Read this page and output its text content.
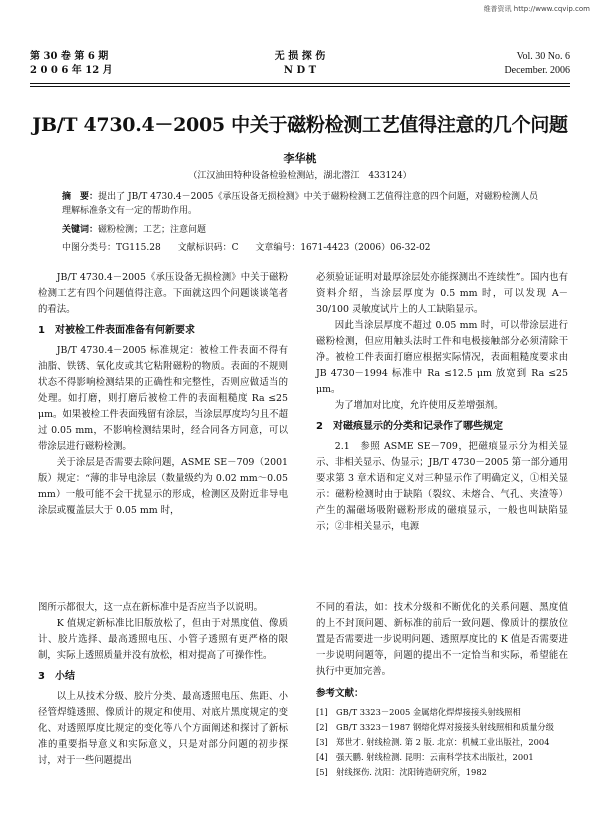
维普资讯 http://www.cqvip.com
第 30 卷 第 6 期
2 0 0 6 年 12 月
无 损 探 伤
N D T
Vol. 30 No. 6
December. 2006
JB/T 4730.4－2005 中关于磁粉检测工艺值得注意的几个问题
李华桃
（江汉油田特种设备检验检测站，湖北潜江　433124）
摘　要：提出了 JB/T 4730.4－2005《承压设备无损检测》中关于磁粉检测工艺值得注意的四个问题，对磁粉检测人员理解标准条文有一定的帮助作用。
关键词：磁粉检测；工艺；注意问题
中图分类号：TG115.28 文献标识码：C 文章编号：1671-4423（2006）06-32-02

JB/T 4730.4－2005《承压设备无损检测》中关于磁粉检测工艺有四个问题值得注意。下面就这四个问题谈谈笔者的看法。

1　对被检工件表面准备有何新要求

JB/T 4730.4－2005 标准规定：被检工件表面不得有油脂、铁锈、氧化皮或其它粘附磁粉的物质。表面的不规则状态不得影响检测结果的正确性和完整性，否则应做适当的处理。如打磨，则打磨后被检工件的表面粗糙度 Ra ≤25 μm。如果被检工件表面残留有涂层，当涂层厚度均匀且不超过 0.05 mm，不影响检测结果时，经合同各方同意，可以带涂层进行磁粉检测。

关于涂层是否需要去除问题，ASME SE－709（2001 版）规定：“薄的非导电涂层（数量级约为 0.02 mm～0.05 mm）一般可能不会干扰显示的形成，检测区及附近非导电涂层或覆盖层大于 0.05 mm 时，

必须验证证明对最厚涂层处亦能探测出不连续性”。国内也有资料介绍，当涂层厚度为 0.5 mm 时，可以发现 A－30/100 灵敏度试片上的人工缺陷显示。

因此当涂层厚度不超过 0.05 mm 时，可以带涂层进行磁粉检测，但应用触头法时工件和电极接触部分必须清除干净。被检工件表面打磨应根据实际情况，表面粗糙度要求由 JB 4730－1994 标准中 Ra ≤12.5 μm 放宽到 Ra ≤25 μm。

为了增加对比度，允许使用反差增强剂。

2　对磁痕显示的分类和记录作了哪些规定

2.1　参照 ASME SE－709，把磁痕显示分为相关显示、非相关显示、伪显示；JB/T 4730－2005 第一部分通用要求第 3 章术语和定义对三种显示作了明确定义，①相关显示：磁粉检测时由于缺陷（裂纹、未熔合、气孔、夹渣等）产生的漏磁场吸附磁粉形成的磁痕显示，一般也叫缺陷显示；②非相关显示，电源

图所示都很大，这一点在新标准中是否应当予以说明。

K 值规定新标准比旧版放松了，但由于对黑度值、像质计、胶片选择、最高透照电压、小管子透照有更严格的限制，实际上透照质量并没有放松，相对提高了可操作性。

3　小结

以上从技术分级、胶片分类、最高透照电压、焦距、小径管焊缝透照、像质计的规定和使用、对底片黑度规定的变化、对透照厚度比规定的变化等八个方面阐述和探讨了新标准的重要指导意义和实际意义，只是对部分问题的初步探讨，对于一些问题提出

不同的看法，如：技术分级和不断优化的关系问题、黑度值的上不封顶问题、新标准的前后一致问题、像质计的摆放位置是否需要进一步说明问题、透照厚度比的 K 值是否需要进一步说明问题等，问题的提出不一定恰当和实际，希望能在执行中更加完善。

参考文献：

[1]　GB/T 3323－2005 金属熔化焊焊接接头射线照相

[2]　GB/T 3323－1987 钢熔化焊对接接头射线照相和质量分级

[3]　郑世才. 射线检测. 第 2 版. 北京：机械工业出版社，2004

[4]　强天鹏. 射线检测. 昆明：云南科学技术出版社，2001

[5]　射线探伤. 沈阳：沈阳铸造研究所，1982
